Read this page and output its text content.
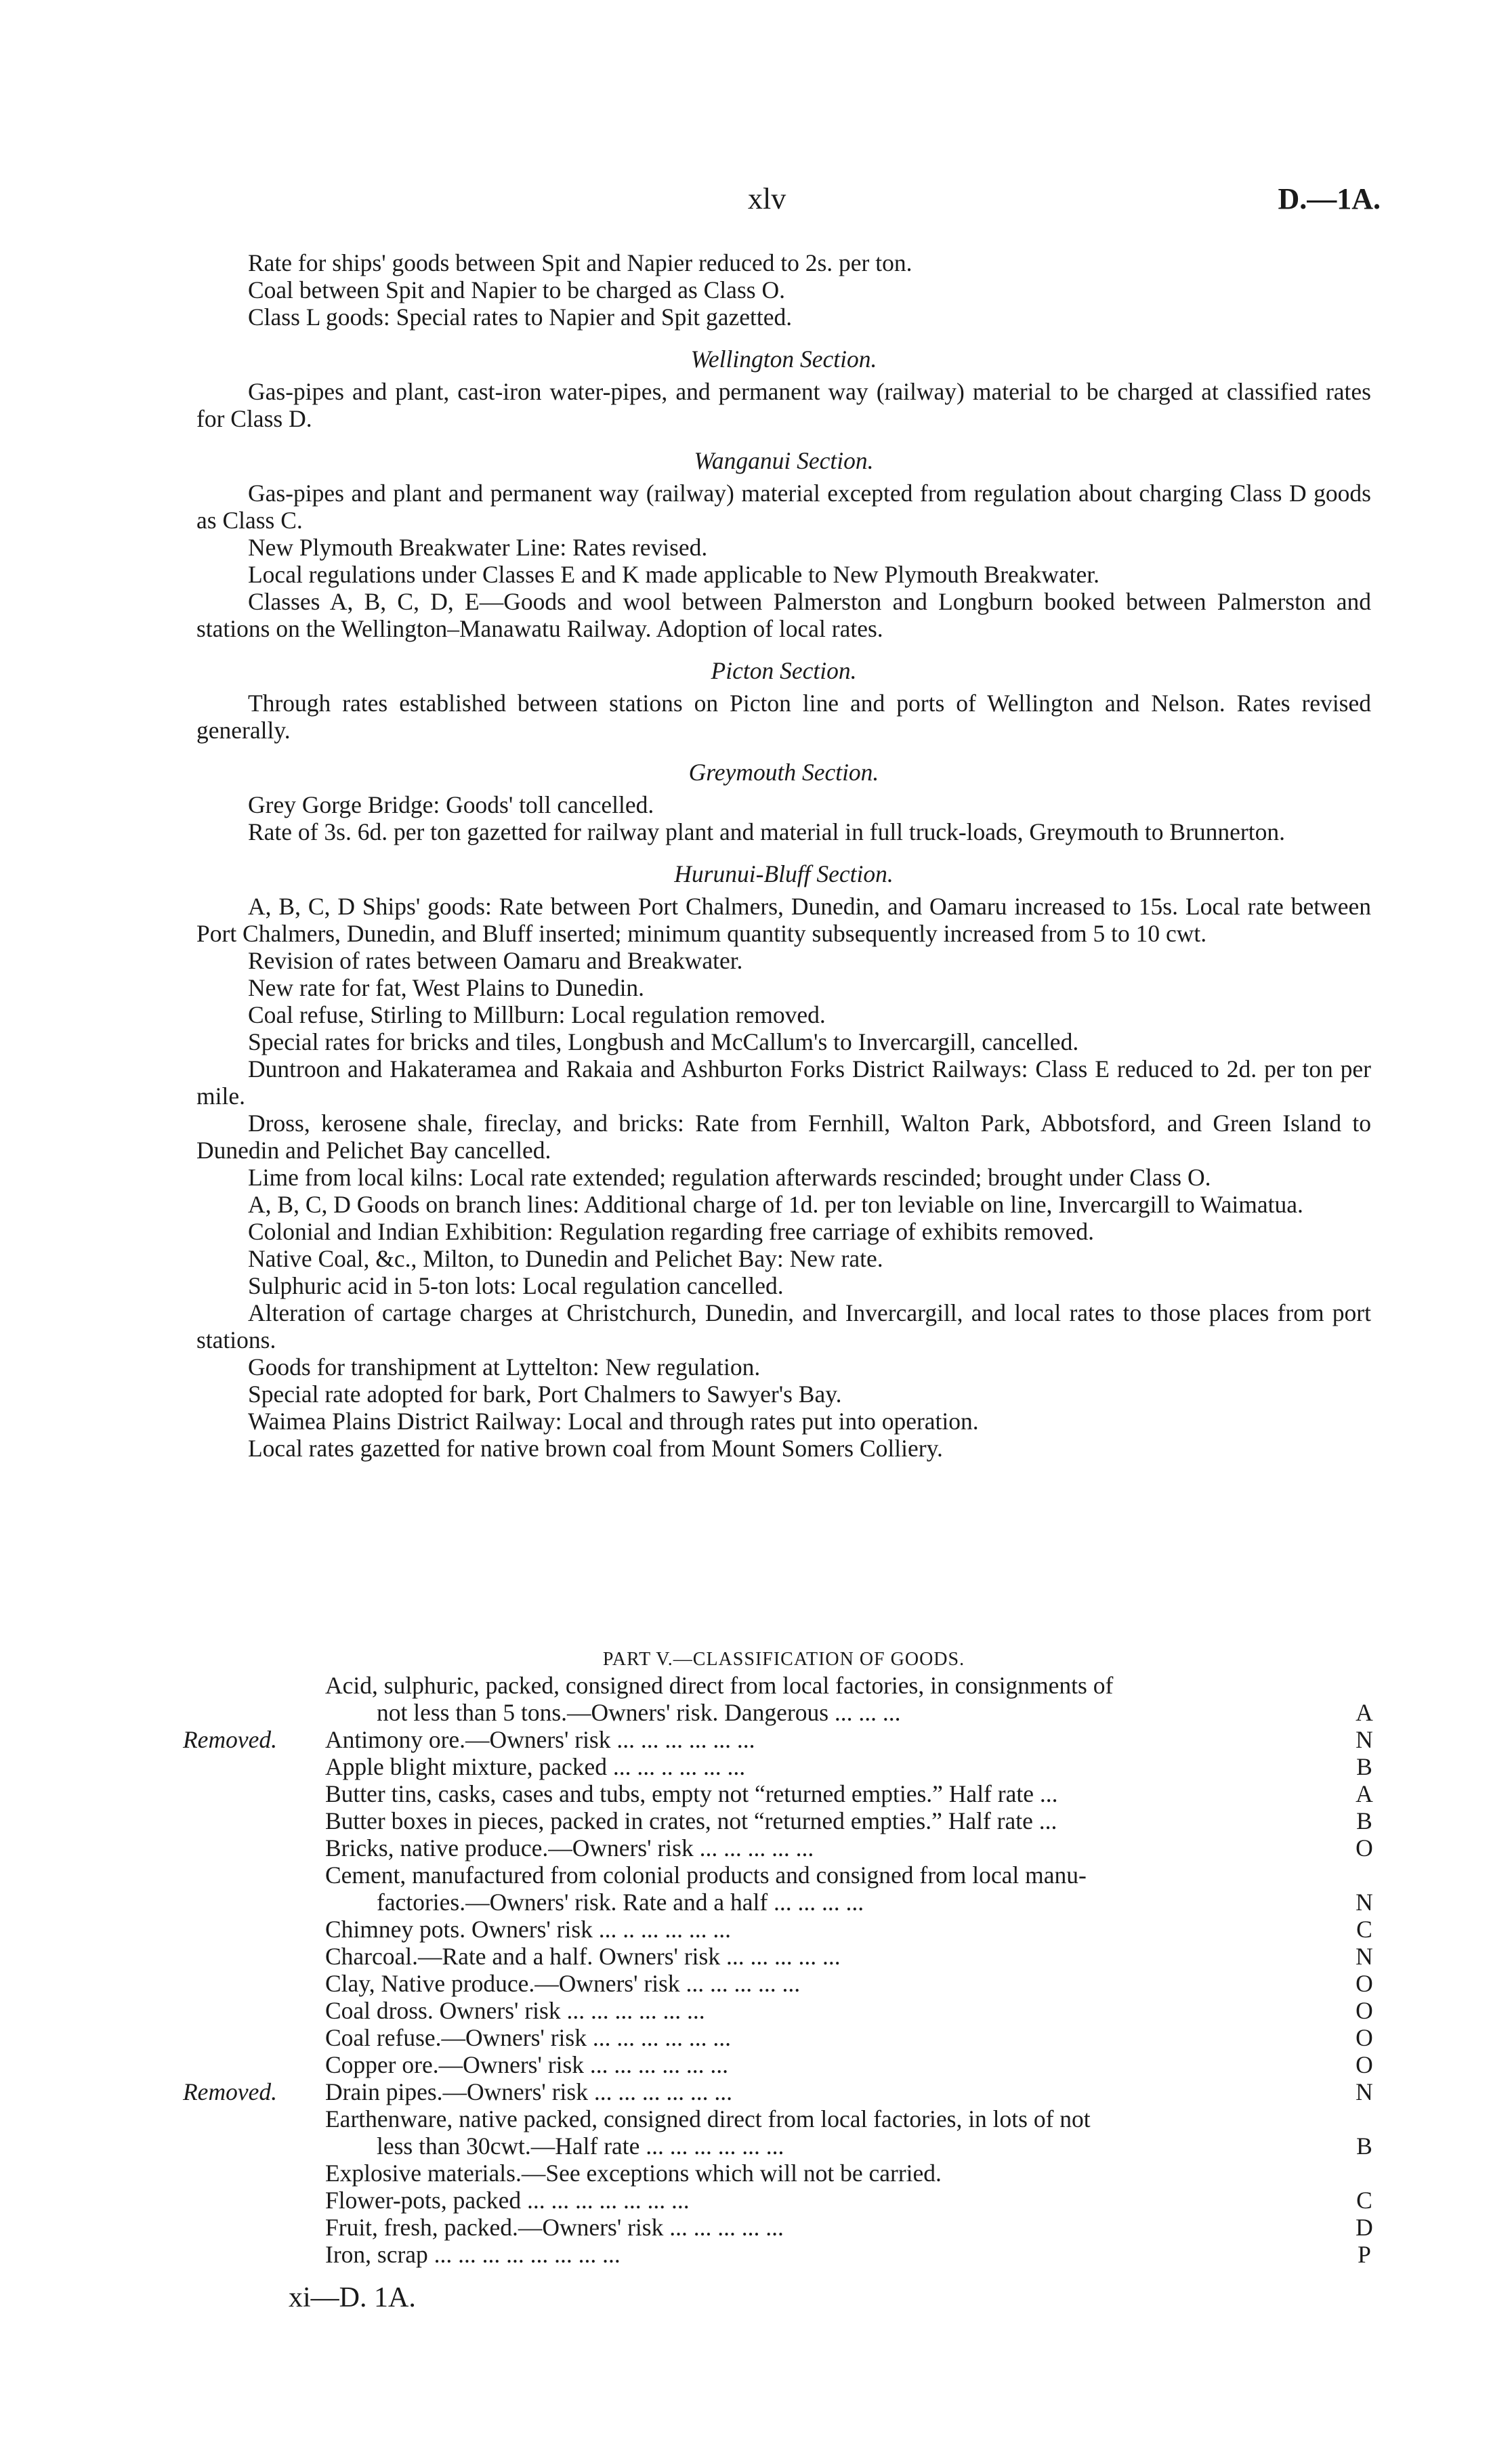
xlv	D.—1A.

Rate for ships' goods between Spit and Napier reduced to 2s. per ton.

Coal between Spit and Napier to be charged as Class O.

Class L goods: Special rates to Napier and Spit gazetted.

Wellington Section.

Gas-pipes and plant, cast-iron water-pipes, and permanent way (railway) material to be charged at classified rates for Class D.

Wanganui Section.

Gas-pipes and plant and permanent way (railway) material excepted from regulation about charging Class D goods as Class C.

New Plymouth Breakwater Line: Rates revised.

Local regulations under Classes E and K made applicable to New Plymouth Breakwater.

Classes A, B, C, D, E—Goods and wool between Palmerston and Longburn booked between Palmerston and stations on the Wellington–Manawatu Railway. Adoption of local rates.

Picton Section.

Through rates established between stations on Picton line and ports of Wellington and Nelson. Rates revised generally.

Greymouth Section.

Grey Gorge Bridge: Goods' toll cancelled.

Rate of 3s. 6d. per ton gazetted for railway plant and material in full truck-loads, Greymouth to Brunnerton.

Hurunui-Bluff Section.

A, B, C, D Ships' goods: Rate between Port Chalmers, Dunedin, and Oamaru increased to 15s. Local rate between Port Chalmers, Dunedin, and Bluff inserted; minimum quantity subsequently increased from 5 to 10 cwt.

Revision of rates between Oamaru and Breakwater.

New rate for fat, West Plains to Dunedin.

Coal refuse, Stirling to Millburn: Local regulation removed.

Special rates for bricks and tiles, Longbush and McCallum's to Invercargill, cancelled.

Duntroon and Hakateramea and Rakaia and Ashburton Forks District Railways: Class E reduced to 2d. per ton per mile.

Dross, kerosene shale, fireclay, and bricks: Rate from Fernhill, Walton Park, Abbotsford, and Green Island to Dunedin and Pelichet Bay cancelled.

Lime from local kilns: Local rate extended; regulation afterwards rescinded; brought under Class O.

A, B, C, D Goods on branch lines: Additional charge of 1d. per ton leviable on line, Invercargill to Waimatua.

Colonial and Indian Exhibition: Regulation regarding free carriage of exhibits removed.

Native Coal, &c., Milton, to Dunedin and Pelichet Bay: New rate.

Sulphuric acid in 5-ton lots: Local regulation cancelled.

Alteration of cartage charges at Christchurch, Dunedin, and Invercargill, and local rates to those places from port stations.

Goods for transhipment at Lyttelton: New regulation.

Special rate adopted for bark, Port Chalmers to Sawyer's Bay.

Waimea Plains District Railway: Local and through rates put into operation.

Local rates gazetted for native brown coal from Mount Somers Colliery.

PART V.—CLASSIFICATION OF GOODS.
Acid, sulphuric, packed, consigned direct from local factories, in consignments of
not less than 5 tons.—Owners' risk. Dangerous ... ... ...	A
Removed.	Antimony ore.—Owners' risk ... ... ... ... ... ...	N
Apple blight mixture, packed ... ... .. ... ... ...	B
Butter tins, casks, cases and tubs, empty not “returned empties.” Half rate ...	A
Butter boxes in pieces, packed in crates, not “returned empties.” Half rate ...	B
Bricks, native produce.—Owners' risk ... ... ... ... ...	O
Cement, manufactured from colonial products and consigned from local manu-
factories.—Owners' risk. Rate and a half ... ... ... ...	N
Chimney pots. Owners' risk ... .. ... ... ... ...	C
Charcoal.—Rate and a half. Owners' risk ... ... ... ... ...	N
Clay, Native produce.—Owners' risk ... ... ... ... ...	O
Coal dross. Owners' risk ... ... ... ... ... ...	O
Coal refuse.—Owners' risk ... ... ... ... ... ...	O
Copper ore.—Owners' risk ... ... ... ... ... ...	O
Removed.	Drain pipes.—Owners' risk ... ... ... ... ... ...	N
Earthenware, native packed, consigned direct from local factories, in lots of not
less than 30cwt.—Half rate ... ... ... ... ... ...	B
Explosive materials.—See exceptions which will not be carried.
Flower-pots, packed ... ... ... ... ... ... ...	C
Fruit, fresh, packed.—Owners' risk ... ... ... ... ...	D
Iron, scrap ... ... ... ... ... ... ... ...	P
xi—D. 1A.
